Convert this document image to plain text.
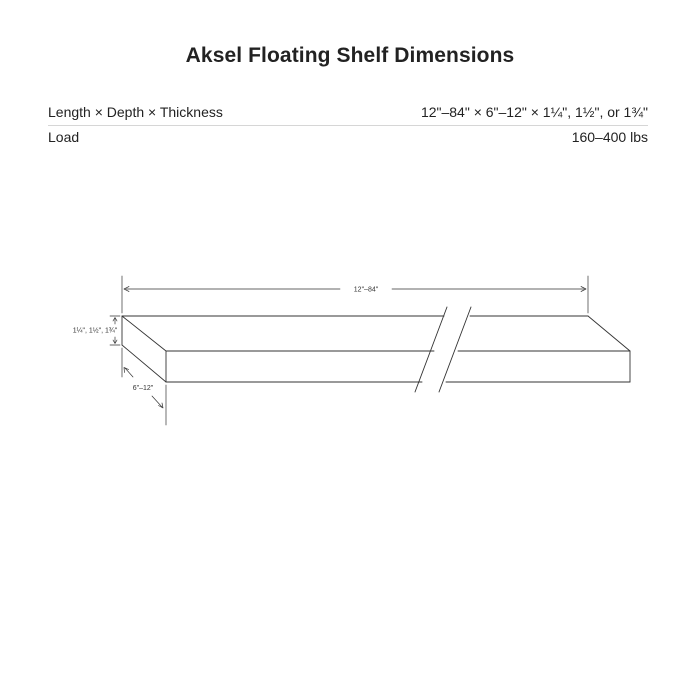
Aksel Floating Shelf Dimensions
Length × Depth × Thickness	12"–84" × 6"–12" × 1¼", 1½", or 1¾"
Load	160–400 lbs
12"–84"
1¼", 1½", 1¾"
6"–12"
